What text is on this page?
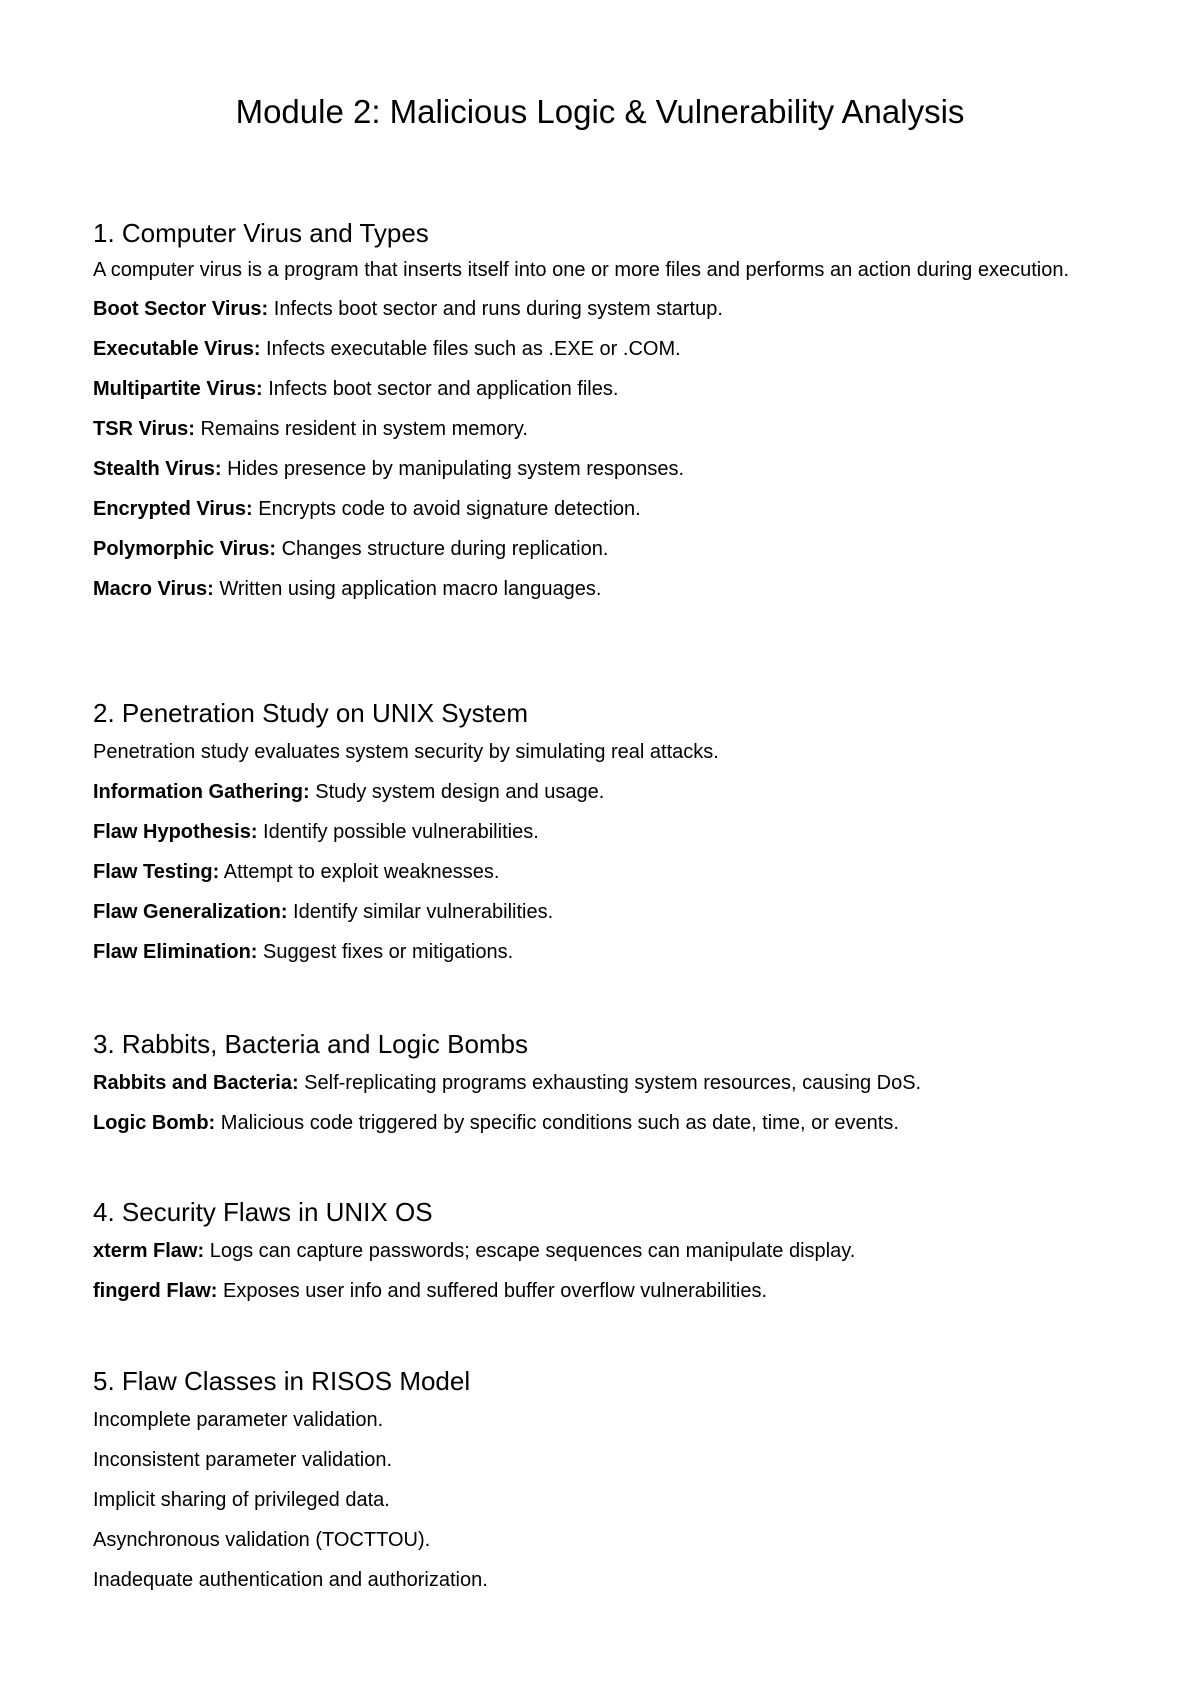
Module 2: Malicious Logic & Vulnerability Analysis
1. Computer Virus and Types

A computer virus is a program that inserts itself into one or more files and performs an action during execution.

Boot Sector Virus: Infects boot sector and runs during system startup.

Executable Virus: Infects executable files such as .EXE or .COM.

Multipartite Virus: Infects boot sector and application files.

TSR Virus: Remains resident in system memory.

Stealth Virus: Hides presence by manipulating system responses.

Encrypted Virus: Encrypts code to avoid signature detection.

Polymorphic Virus: Changes structure during replication.

Macro Virus: Written using application macro languages.

2. Penetration Study on UNIX System

Penetration study evaluates system security by simulating real attacks.

Information Gathering: Study system design and usage.

Flaw Hypothesis: Identify possible vulnerabilities.

Flaw Testing: Attempt to exploit weaknesses.

Flaw Generalization: Identify similar vulnerabilities.

Flaw Elimination: Suggest fixes or mitigations.

3. Rabbits, Bacteria and Logic Bombs

Rabbits and Bacteria: Self-replicating programs exhausting system resources, causing DoS.

Logic Bomb: Malicious code triggered by specific conditions such as date, time, or events.

4. Security Flaws in UNIX OS

xterm Flaw: Logs can capture passwords; escape sequences can manipulate display.

fingerd Flaw: Exposes user info and suffered buffer overflow vulnerabilities.

5. Flaw Classes in RISOS Model

Incomplete parameter validation.

Inconsistent parameter validation.

Implicit sharing of privileged data.

Asynchronous validation (TOCTTOU).

Inadequate authentication and authorization.
